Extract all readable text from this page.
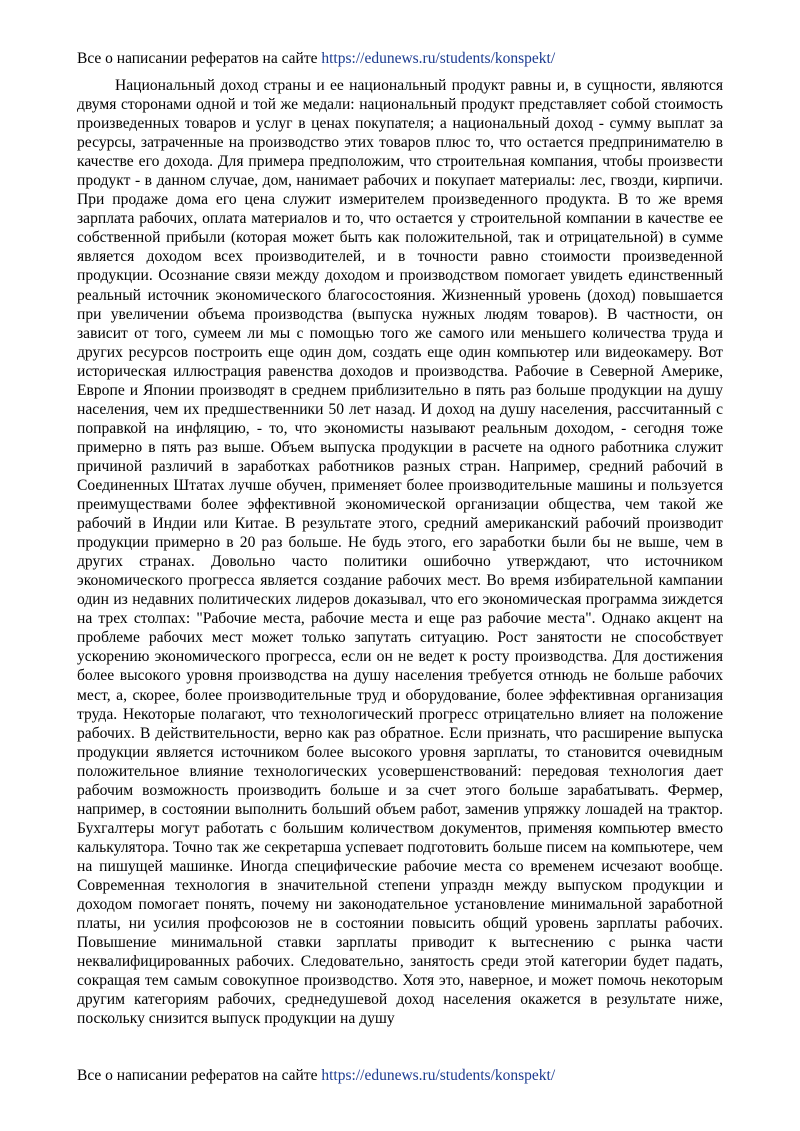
Все о написании рефератов на сайте https://edunews.ru/students/konspekt/

Национальный доход страны и ее национальный продукт равны и, в сущности, являются двумя сторонами одной и той же медали: национальный продукт представляет собой стоимость произведенных товаров и услуг в ценах покупателя; а национальный доход - сумму выплат за ресурсы, затраченные на производство этих товаров плюс то, что остается предпринимателю в качестве его дохода. Для примера предположим, что строительная компания, чтобы произвести продукт - в данном случае, дом, нанимает рабочих и покупает материалы: лес, гвозди, кирпичи. При продаже дома его цена служит измерителем произведенного продукта. В то же время зарплата рабочих, оплата материалов и то, что остается у строительной компании в качестве ее собственной прибыли (которая может быть как положительной, так и отрицательной) в сумме является доходом всех производителей, и в точности равно стоимости произведенной продукции. Осознание связи между доходом и производством помогает увидеть единственный реальный источник экономического благосостояния. Жизненный уровень (доход) повышается при увеличении объема производства (выпуска нужных людям товаров). В частности, он зависит от того, сумеем ли мы с помощью того же самого или меньшего количества труда и других ресурсов построить еще один дом, создать еще один компьютер или видеокамеру. Вот историческая иллюстрация равенства доходов и производства. Рабочие в Северной Америке, Европе и Японии производят в среднем приблизительно в пять раз больше продукции на душу населения, чем их предшественники 50 лет назад. И доход на душу населения, рассчитанный с поправкой на инфляцию, - то, что экономисты называют реальным доходом, - сегодня тоже примерно в пять раз выше. Объем выпуска продукции в расчете на одного работника служит причиной различий в заработках работников разных стран. Например, средний рабочий в Соединенных Штатах лучше обучен, применяет более производительные машины и пользуется преимуществами более эффективной экономической организации общества, чем такой же рабочий в Индии или Китае. В результате этого, средний американский рабочий производит продукции примерно в 20 раз больше. Не будь этого, его заработки были бы не выше, чем в других странах. Довольно часто политики ошибочно утверждают, что источником экономического прогресса является создание рабочих мест. Во время избирательной кампании один из недавних политических лидеров доказывал, что его экономическая программа зиждется на трех столпах: "Рабочие места, рабочие места и еще раз рабочие места". Однако акцент на проблеме рабочих мест может только запутать ситуацию. Рост занятости не способствует ускорению экономического прогресса, если он не ведет к росту производства. Для достижения более высокого уровня производства на душу населения требуется отнюдь не больше рабочих мест, а, скорее, более производительные труд и оборудование, более эффективная организация труда. Некоторые полагают, что технологический прогресс отрицательно влияет на положение рабочих. В действительности, верно как раз обратное. Если признать, что расширение выпуска продукции является источником более высокого уровня зарплаты, то становится очевидным положительное влияние технологических усовершенствований: передовая технология дает рабочим возможность производить больше и за счет этого больше зарабатывать. Фермер, например, в состоянии выполнить больший объем работ, заменив упряжку лошадей на трактор. Бухгалтеры могут работать с большим количеством документов, применяя компьютер вместо калькулятора. Точно так же секретарша успевает подготовить больше писем на компьютере, чем на пишущей машинке. Иногда специфические рабочие места со временем исчезают вообще. Современная технология в значительной степени упраздн между выпуском продукции и доходом помогает понять, почему ни законодательное установление минимальной заработной платы, ни усилия профсоюзов не в состоянии повысить общий уровень зарплаты рабочих. Повышение минимальной ставки зарплаты приводит к вытеснению с рынка части неквалифицированных рабочих. Следовательно, занятость среди этой категории будет падать, сокращая тем самым совокупное производство. Хотя это, наверное, и может помочь некоторым другим категориям рабочих, среднедушевой доход населения окажется в результате ниже, поскольку снизится выпуск продукции на душу

Все о написании рефератов на сайте https://edunews.ru/students/konspekt/
